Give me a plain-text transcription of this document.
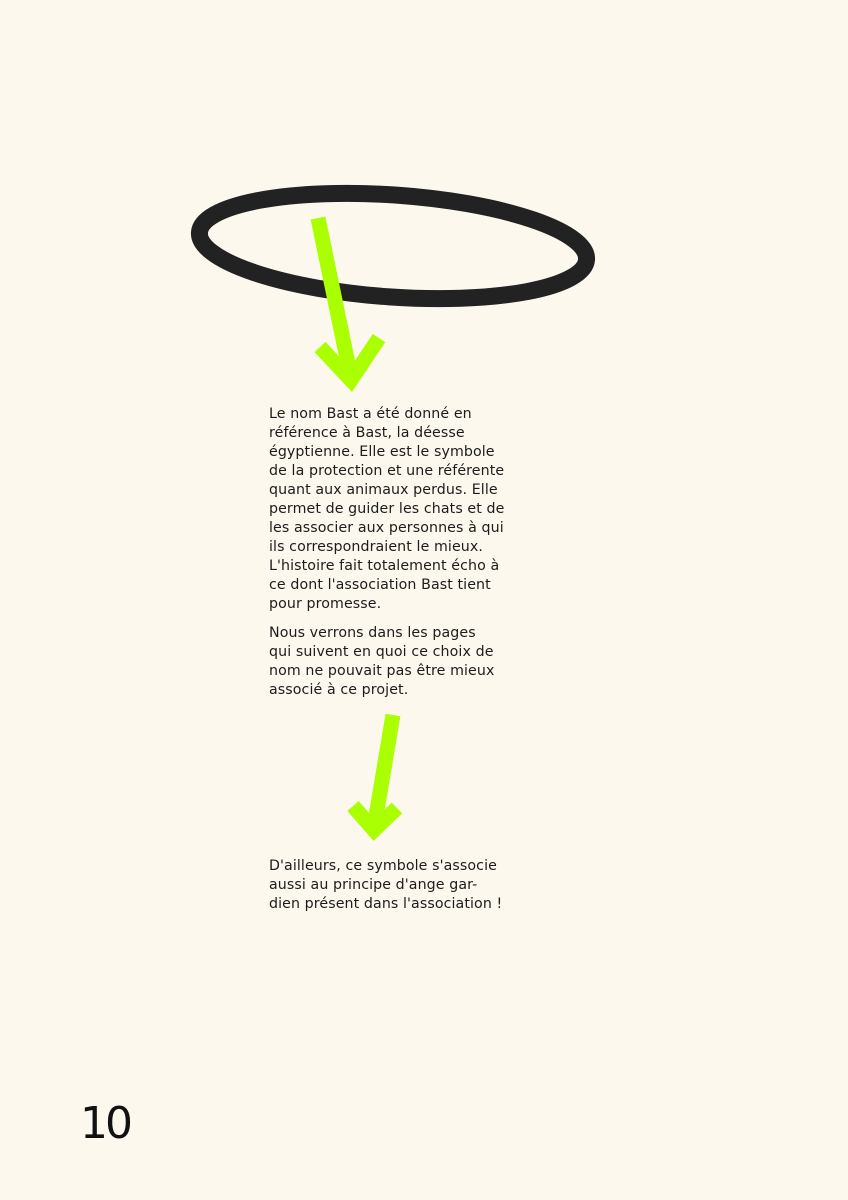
Le nom Bast a été donné en
référence à Bast, la déesse
égyptienne. Elle est le symbole
de la protection et une référente
quant aux animaux perdus. Elle
permet de guider les chats et de
les associer aux personnes à qui
ils correspondraient le mieux.
L'histoire fait totalement écho à
ce dont l'association Bast tient
pour promesse.

Nous verrons dans les pages
qui suivent en quoi ce choix de
nom ne pouvait pas être mieux
associé à ce projet.

D'ailleurs, ce symbole s'associe
aussi au principe d'ange gar-
dien présent dans l'association !

10
